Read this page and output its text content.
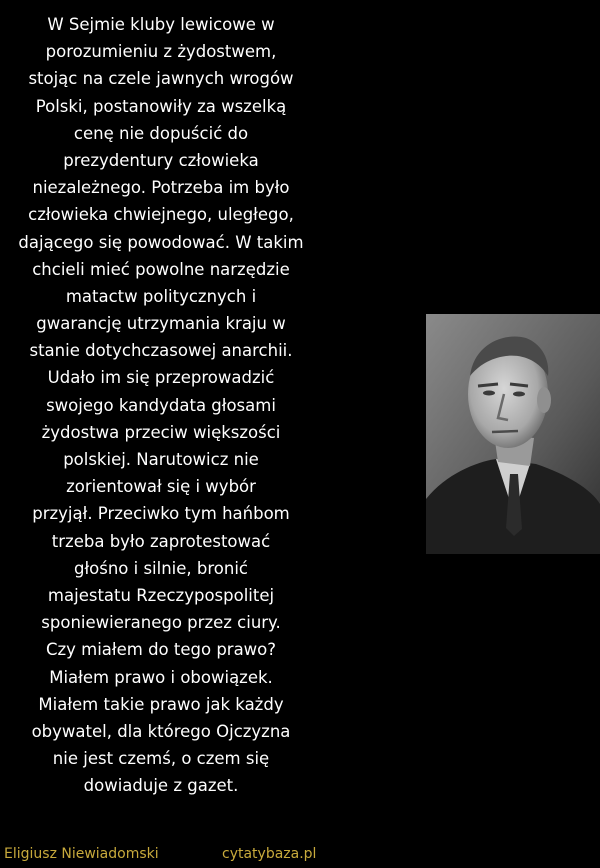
W Sejmie kluby lewicowe w
porozumieniu z żydostwem,
stojąc na czele jawnych wrogów
Polski, postanowiły za wszelką
cenę nie dopuścić do
prezydentury człowieka
niezależnego. Potrzeba im było
człowieka chwiejnego, uległego,
dającego się powodować. W takim
chcieli mieć powolne narzędzie
matactw politycznych i
gwarancję utrzymania kraju w
stanie dotychczasowej anarchii.
Udało im się przeprowadzić
swojego kandydata głosami
żydostwa przeciw większości
polskiej. Narutowicz nie
zorientował się i wybór
przyjął. Przeciwko tym hańbom
trzeba było zaprotestować
głośno i silnie, bronić
majestatu Rzeczypospolitej
sponiewieranego przez ciury.
Czy miałem do tego prawo?
Miałem prawo i obowiązek.
Miałem takie prawo jak każdy
obywatel, dla którego Ojczyzna
nie jest czemś, o czem się
dowiaduje z gazet.
Eligiusz Niewiadomski	cytatybaza.pl
